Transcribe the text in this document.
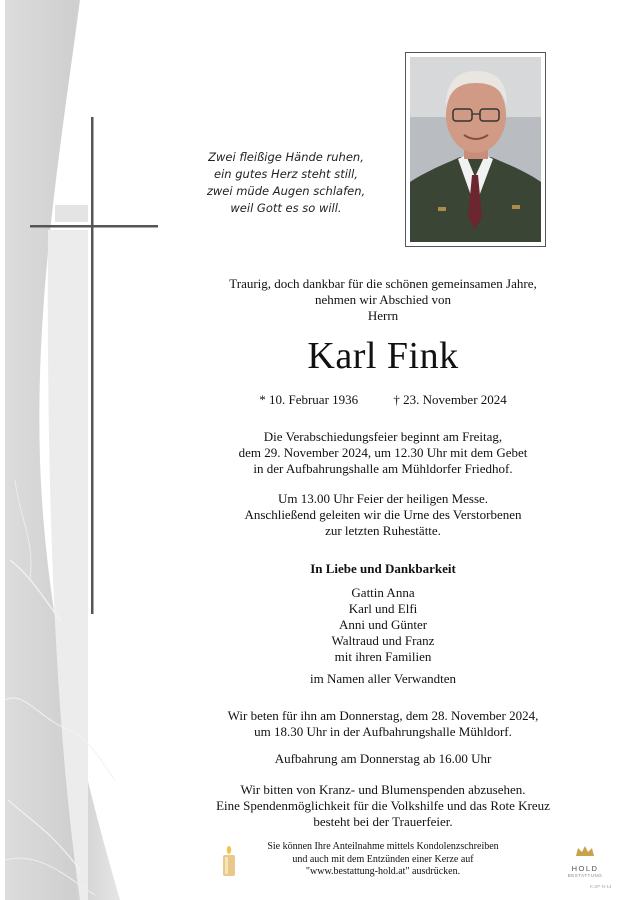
Zwei fleißige Hände ruhen,
ein gutes Herz steht still,
zwei müde Augen schlafen,
weil Gott es so will.
Traurig, doch dankbar für die schönen gemeinsamen Jahre,
nehmen wir Abschied von
Herrn
Karl Fink
* 10. Februar 1936	† 23. November 2024
Die Verabschiedungsfeier beginnt am Freitag,
dem 29. November 2024, um 12.30 Uhr mit dem Gebet
in der Aufbahrungshalle am Mühldorfer Friedhof.
Um 13.00 Uhr Feier der heiligen Messe.
Anschließend geleiten wir die Urne des Verstorbenen
zur letzten Ruhestätte.
In Liebe und Dankbarkeit
Gattin Anna
Karl und Elfi
Anni und Günter
Waltraud und Franz
mit ihren Familien
im Namen aller Verwandten
Wir beten für ihn am Donnerstag, dem 28. November 2024,
um 18.30 Uhr in der Aufbahrungshalle Mühldorf.
Aufbahrung am Donnerstag ab 16.00 Uhr
Wir bitten von Kranz- und Blumenspenden abzusehen.
Eine Spendenmöglichkeit für die Volkshilfe und das Rote Kreuz
besteht bei der Trauerfeier.
Sie können Ihre Anteilnahme mittels Kondolenzschreiben
und auch mit dem Entzünden einer Kerze auf
"www.bestattung-hold.at" ausdrücken.	HOLD
BESTATTUNG
K-ZP-N-14
